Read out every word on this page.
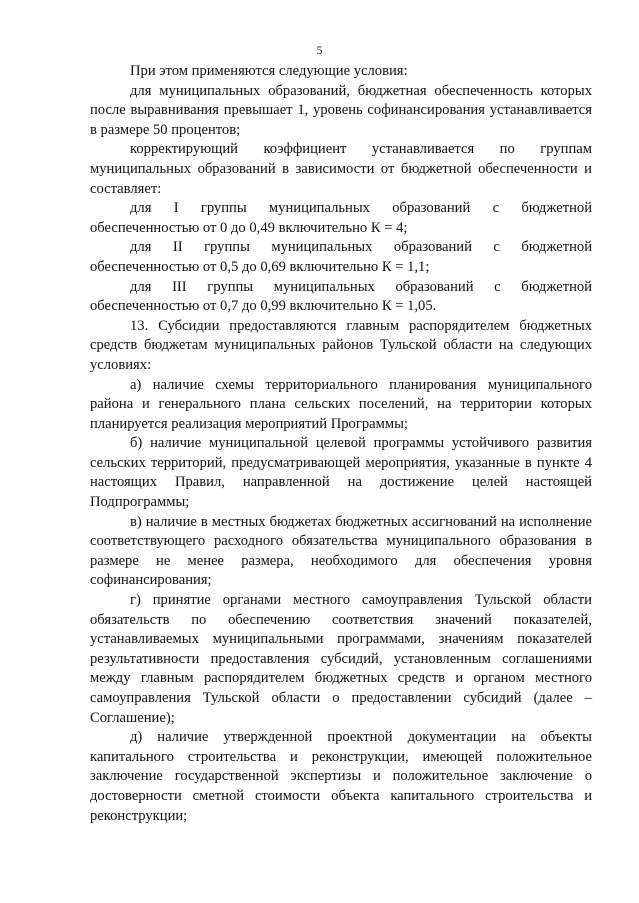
5

При этом применяются следующие условия:

для муниципальных образований, бюджетная обеспеченность которых после выравнивания превышает 1, уровень софинансирования устанавливается в размере 50 процентов;

корректирующий коэффициент устанавливается по группам муниципальных образований в зависимости от бюджетной обеспеченности и составляет:

для I группы муниципальных образований с бюджетной обеспеченностью от 0 до 0,49 включительно К = 4;

для II группы муниципальных образований с бюджетной обеспеченностью от 0,5 до 0,69 включительно К = 1,1;

для III группы муниципальных образований с бюджетной обеспеченностью от 0,7 до 0,99 включительно К = 1,05.

13. Субсидии предоставляются главным распорядителем бюджетных средств бюджетам муниципальных районов Тульской области на следующих условиях:

а) наличие схемы территориального планирования муниципального района и генерального плана сельских поселений, на территории которых планируется реализация мероприятий Программы;

б) наличие муниципальной целевой программы устойчивого развития сельских территорий, предусматривающей мероприятия, указанные в пункте 4 настоящих Правил, направленной на достижение целей настоящей Подпрограммы;

в) наличие в местных бюджетах бюджетных ассигнований на исполнение соответствующего расходного обязательства муниципального образования в размере не менее размера, необходимого для обеспечения уровня софинансирования;

г) принятие органами местного самоуправления Тульской области обязательств по обеспечению соответствия значений показателей, устанавливаемых муниципальными программами, значениям показателей результативности предоставления субсидий, установленным соглашениями между главным распорядителем бюджетных средств и органом местного самоуправления Тульской области о предоставлении субсидий (далее – Соглашение);

д) наличие утвержденной проектной документации на объекты капитального строительства и реконструкции, имеющей положительное заключение государственной экспертизы и положительное заключение о достоверности сметной стоимости объекта капитального строительства и реконструкции;
